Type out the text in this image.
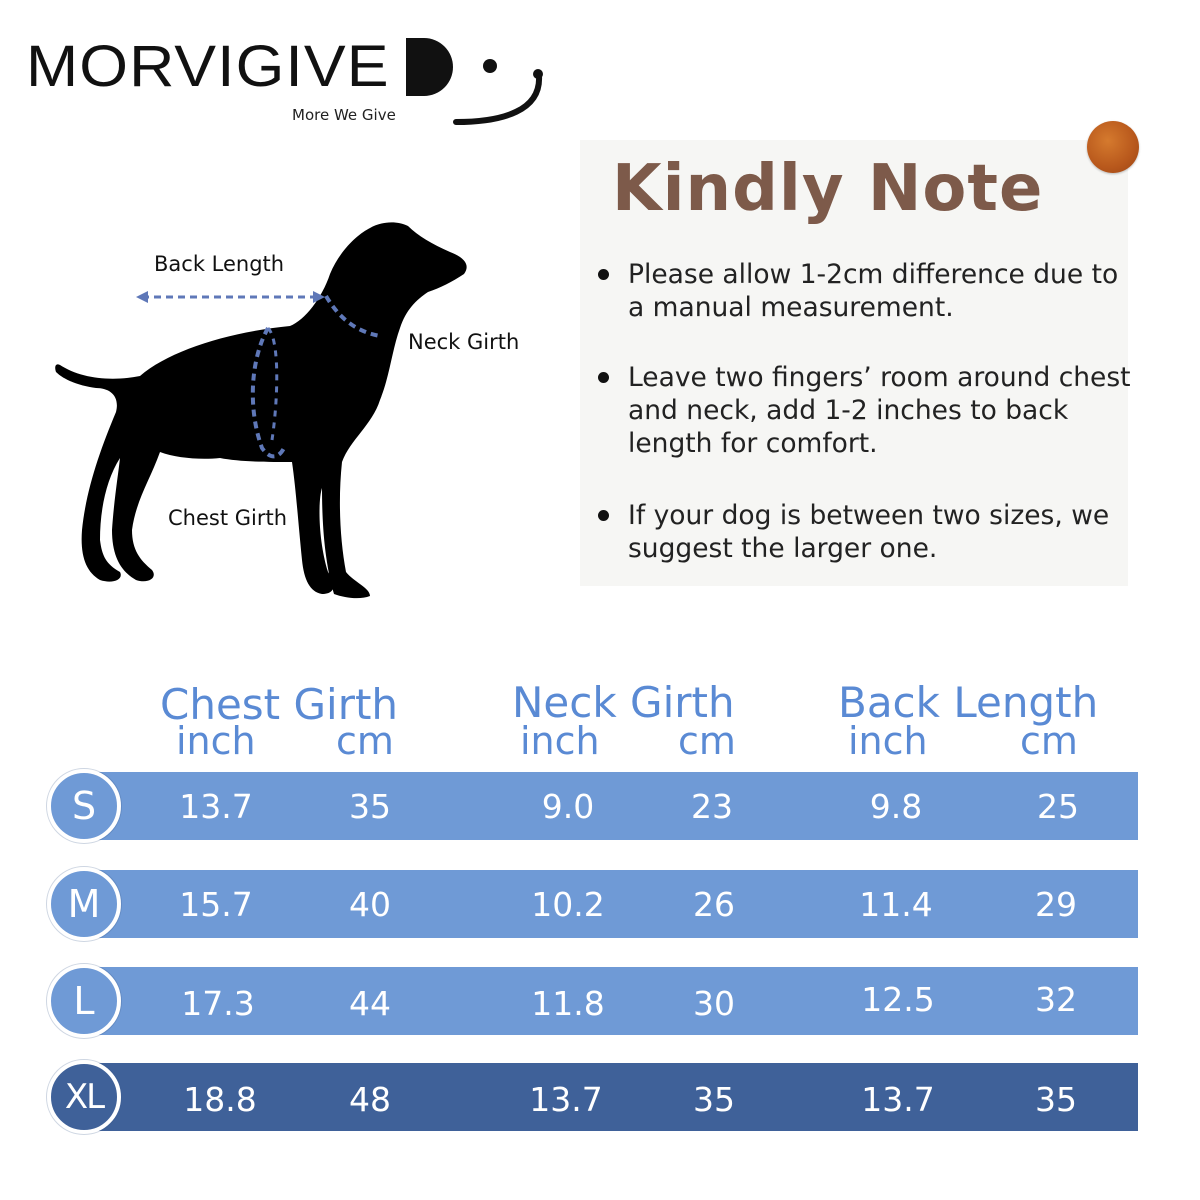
MORVIGIVE
More We Give
Back Length
Neck Girth
Chest Girth
Kindly Note
Please allow 1-2cm difference due to a manual measurement.
Leave two fingers’ room around chest and neck, add 1-2 inches to back length for comfort.
If your dog is between two sizes, we suggest the larger one.
Chest Girth	Neck Girth Back Length
inch cm	inch cm	inch cm
S	13.7	35	9.0	23	9.8	25
M	15.7	40	10.2	26	11.4	29
L	17.3	44	11.8	30	12.5	32
XL	18.8	48	13.7	35	13.7	35
